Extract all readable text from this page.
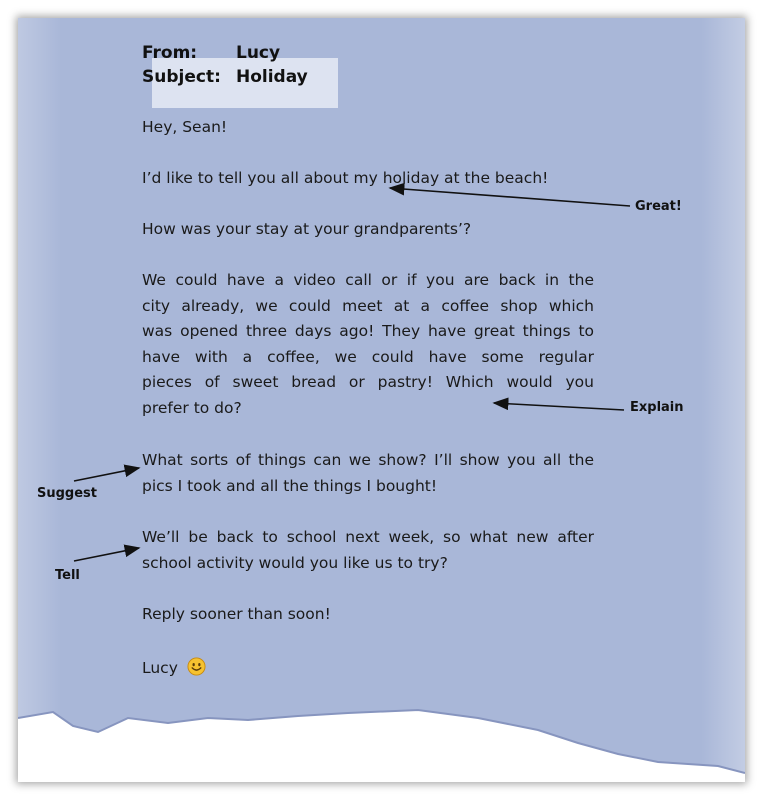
From: Lucy
Subject: Holiday
Hey, Sean!
I’d like to tell you all about my holiday at the beach!
How was your stay at your grandparents’?
We could have a video call or if you are back in the
city already, we could meet at a coffee shop which
was opened three days ago! They have great things to
have with a coffee, we could have some regular
pieces of sweet bread or pastry! Which would you
prefer to do?
What sorts of things can we show? I’ll show you all the
pics I took and all the things I bought!
We’ll be back to school next week, so what new after
school activity would you like us to try?
Reply sooner than soon!
Lucy
Great!
Explain
Suggest
Tell
